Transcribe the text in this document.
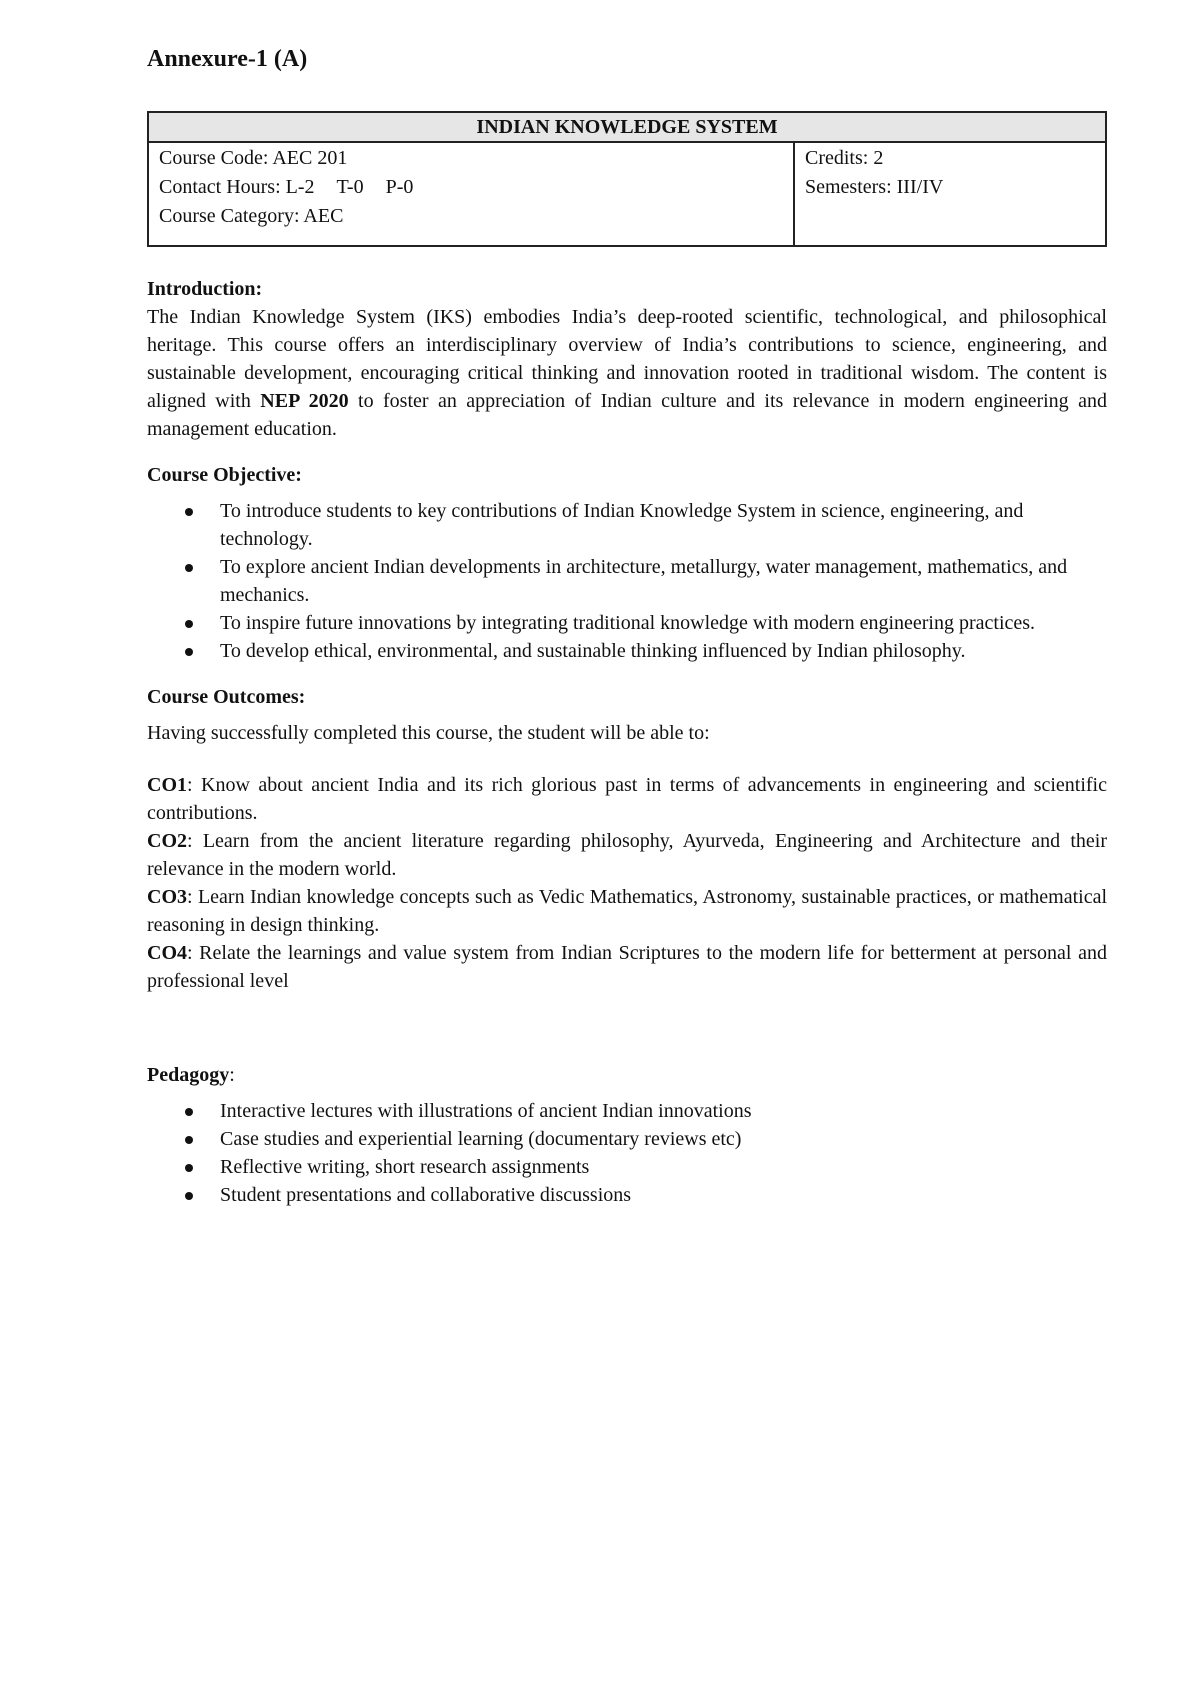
Annexure-1 (A)
INDIAN KNOWLEDGE SYSTEM

Course Code: AEC 201
Contact Hours: L-2 T-0 P-0
Course Category: AEC

Credits: 2
Semesters: III/IV
Introduction:

The Indian Knowledge System (IKS) embodies India’s deep-rooted scientific, technological, and philosophical heritage. This course offers an interdisciplinary overview of India’s contributions to science, engineering, and sustainable development, encouraging critical thinking and innovation rooted in traditional wisdom. The content is aligned with NEP 2020 to foster an appreciation of Indian culture and its relevance in modern engineering and management education.

Course Objective:
To introduce students to key contributions of Indian Knowledge System in science, engineering, and technology.
To explore ancient Indian developments in architecture, metallurgy, water management, mathematics, and mechanics.
To inspire future innovations by integrating traditional knowledge with modern engineering practices.
To develop ethical, environmental, and sustainable thinking influenced by Indian philosophy.
Course Outcomes:

Having successfully completed this course, the student will be able to:

CO1: Know about ancient India and its rich glorious past in terms of advancements in engineering and scientific contributions.

CO2: Learn from the ancient literature regarding philosophy, Ayurveda, Engineering and Architecture and their relevance in the modern world.

CO3: Learn Indian knowledge concepts such as Vedic Mathematics, Astronomy, sustainable practices, or mathematical reasoning in design thinking.

CO4: Relate the learnings and value system from Indian Scriptures to the modern life for betterment at personal and professional level

Pedagogy:
Interactive lectures with illustrations of ancient Indian innovations
Case studies and experiential learning (documentary reviews etc)
Reflective writing, short research assignments
Student presentations and collaborative discussions
